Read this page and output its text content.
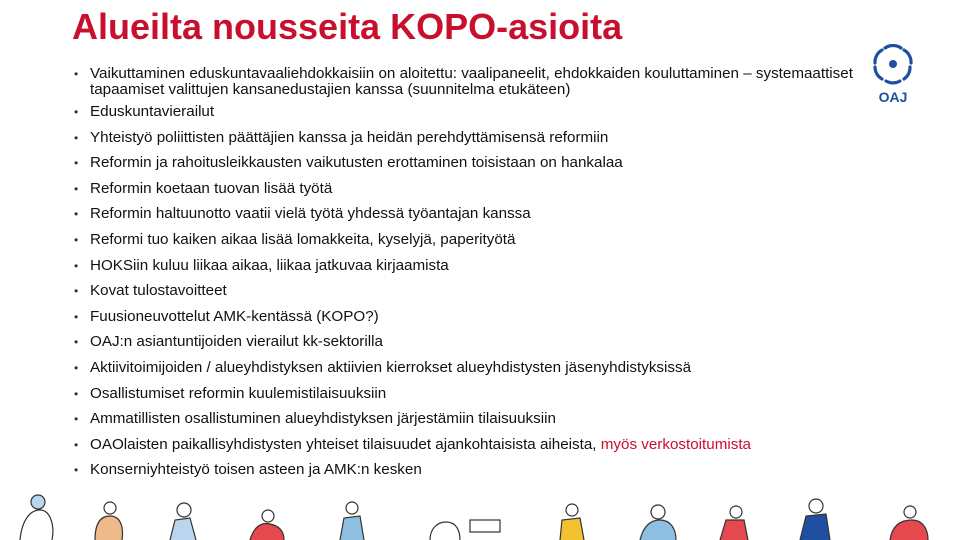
Alueilta nousseita KOPO-asioita
OAJ
• Vaikuttaminen eduskuntavaaliehdokkaisiin on aloitettu: vaalipaneelit, ehdokkaiden kouluttaminen – systemaattiset tapaamiset valittujen kansanedustajien kanssa (suunnitelma etukäteen)
• Eduskuntavierailut
• Yhteistyö poliittisten päättäjien kanssa ja heidän perehdyttämisensä reformiin
• Reformin ja rahoitusleikkausten vaikutusten erottaminen toisistaan on hankalaa
• Reformin koetaan tuovan lisää työtä
• Reformin haltuunotto vaatii vielä työtä yhdessä työantajan kanssa
• Reformi tuo kaiken aikaa lisää lomakkeita, kyselyjä, paperityötä
• HOKSiin kuluu liikaa aikaa, liikaa jatkuvaa kirjaamista
• Kovat tulostavoitteet
• Fuusioneuvottelut AMK-kentässä (KOPO?)
• OAJ:n asiantuntijoiden vierailut kk-sektorilla
• Aktiivitoimijoiden / alueyhdistyksen aktiivien kierrokset alueyhdistysten jäsenyhdistyksissä
• Osallistumiset reformin kuulemistilaisuuksiin
• Ammatillisten osallistuminen alueyhdistyksen järjestämiin tilaisuuksiin
• OAOlaisten paikallisyhdistysten yhteiset tilaisuudet ajankohtaisista aiheista, myös verkostoitumista
• Konserniyhteistyö toisen asteen ja AMK:n kesken
